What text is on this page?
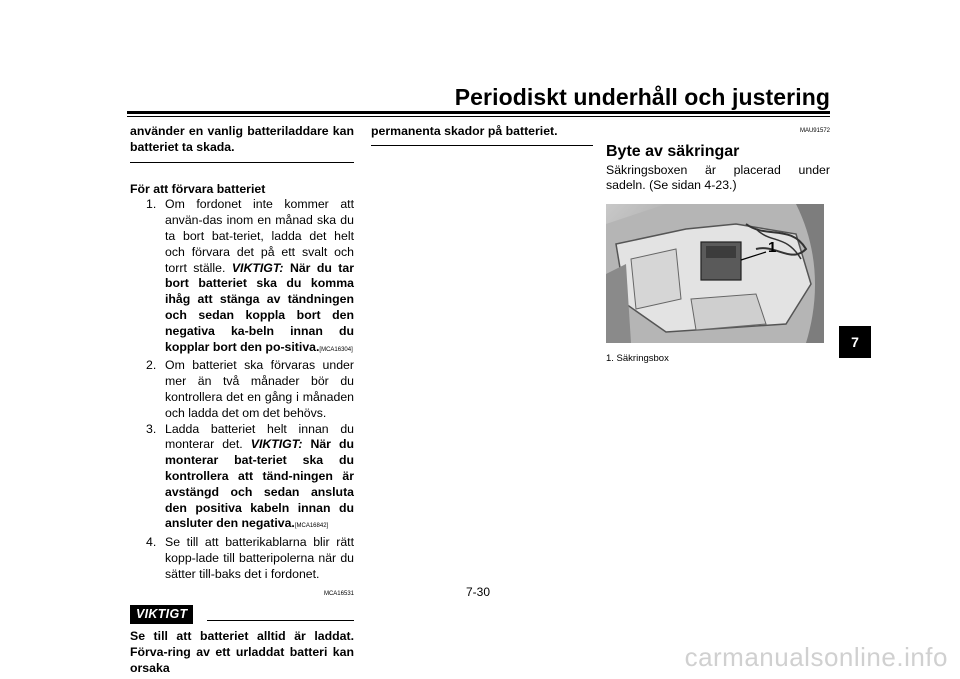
Periodiskt underhåll och justering
använder en vanlig batteriladdare kan batteriet ta skada.
För att förvara batteriet
1. Om fordonet inte kommer att använ-das inom en månad ska du ta bort bat-teriet, ladda det helt och förvara det på ett svalt och torrt ställe. VIKTIGT: När du tar bort batteriet ska du komma ihåg att stänga av tändningen och sedan koppla bort den negativa ka-beln innan du kopplar bort den po-sitiva.[MCA16304]
2. Om batteriet ska förvaras under mer än två månader bör du kontrollera det en gång i månaden och ladda det om det behövs.
3. Ladda batteriet helt innan du monterar det. VIKTIGT: När du monterar bat-teriet ska du kontrollera att tänd-ningen är avstängd och sedan ansluta den positiva kabeln innan du ansluter den negativa.[MCA16842]
4. Se till att batterikablarna blir rätt kopp-lade till batteripolerna när du sätter till-baks det i fordonet.
MCA16531
VIKTIGT
Se till att batteriet alltid är laddat. Förva-ring av ett urladdat batteri kan orsaka
permanenta skador på batteriet.	MAU91572
Byte av säkringar
Säkringsboxen är placerad under sadeln. (Se sidan 4-23.)
1
1. Säkringsbox
7
7-30
carmanualsonline.info
